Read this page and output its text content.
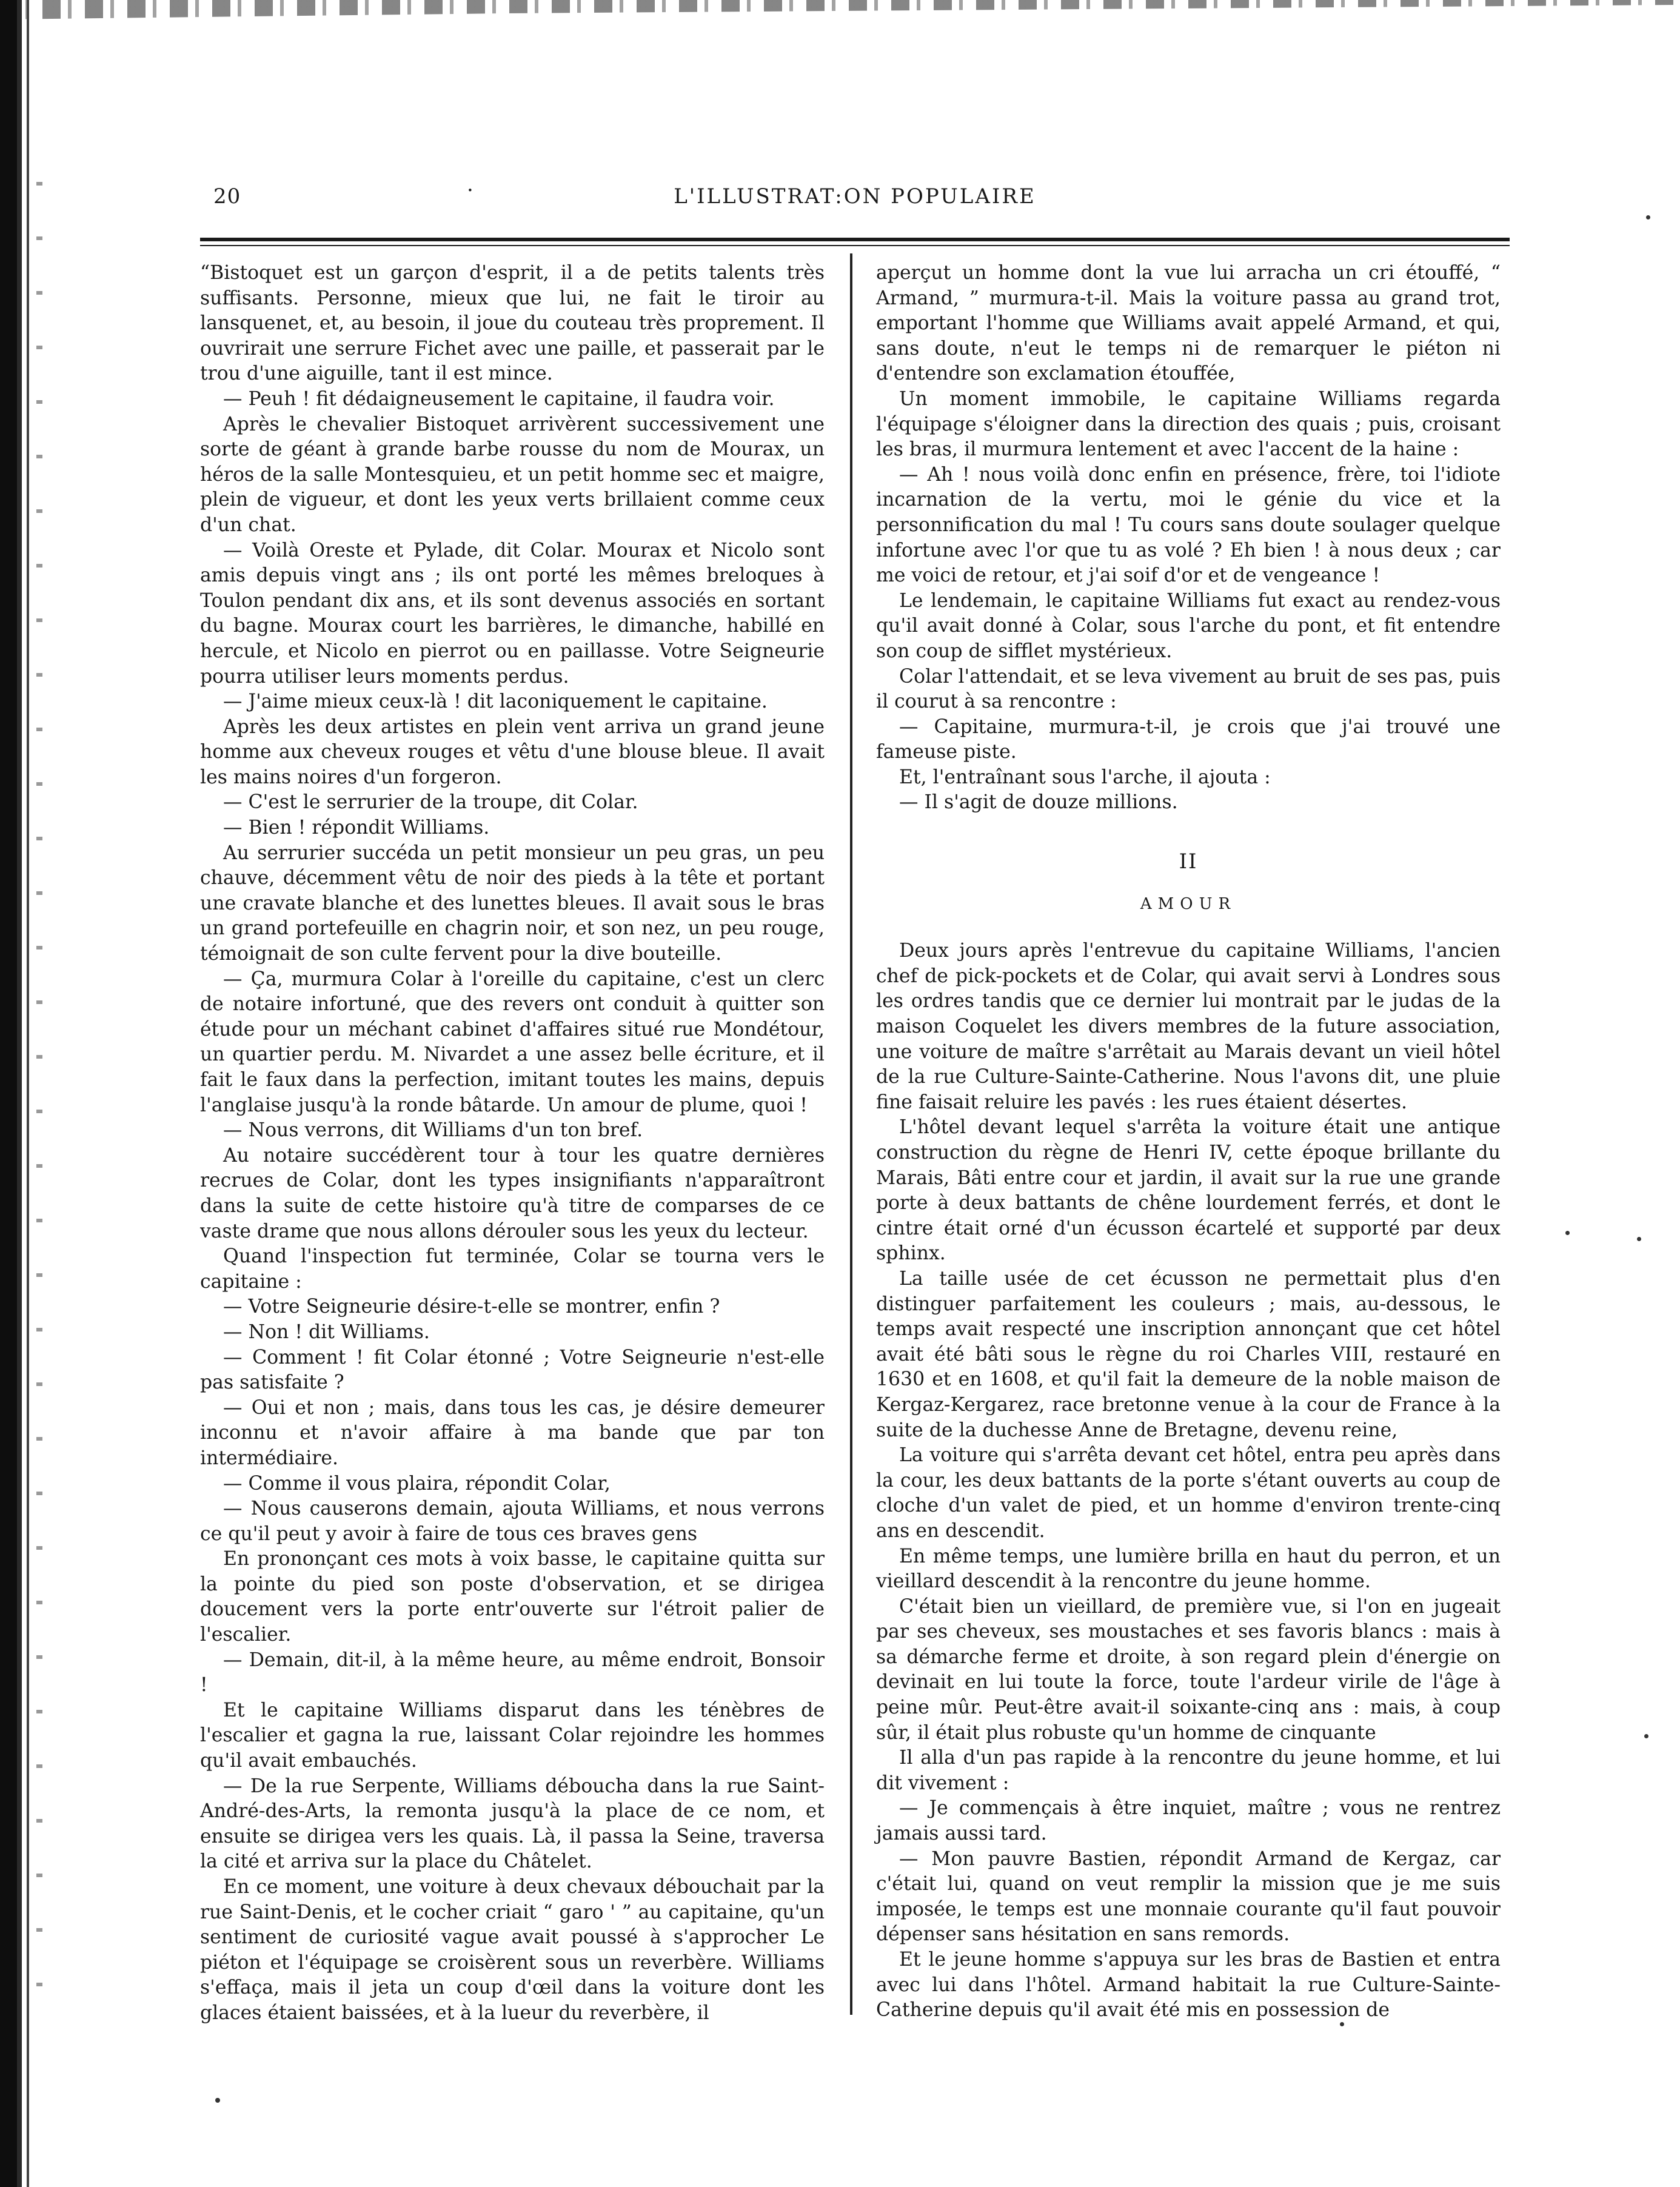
20	·	L'ILLUSTRAT:ON POPULAIRE

“Bistoquet est un garçon d'esprit, il a de petits talents très suffisants. Personne, mieux que lui, ne fait le tiroir au lansquenet, et, au besoin, il joue du couteau très proprement. Il ouvrirait une serrure Fichet avec une paille, et passerait par le trou d'une aiguille, tant il est mince.

— Peuh ! fit dédaigneusement le capitaine, il faudra voir.

Après le chevalier Bistoquet arrivèrent successivement une sorte de géant à grande barbe rousse du nom de Mourax, un héros de la salle Montesquieu, et un petit homme sec et maigre, plein de vigueur, et dont les yeux verts brillaient comme ceux d'un chat.

— Voilà Oreste et Pylade, dit Colar. Mourax et Nicolo sont amis depuis vingt ans ; ils ont porté les mêmes breloques à Toulon pendant dix ans, et ils sont devenus associés en sortant du bagne. Mourax court les barrières, le dimanche, habillé en hercule, et Nicolo en pierrot ou en paillasse. Votre Seigneurie pourra utiliser leurs moments perdus.

— J'aime mieux ceux-là ! dit laconiquement le capitaine.

Après les deux artistes en plein vent arriva un grand jeune homme aux cheveux rouges et vêtu d'une blouse bleue. Il avait les mains noires d'un forgeron.

— C'est le serrurier de la troupe, dit Colar.

— Bien ! répondit Williams.

Au serrurier succéda un petit monsieur un peu gras, un peu chauve, décemment vêtu de noir des pieds à la tête et portant une cravate blanche et des lunettes bleues. Il avait sous le bras un grand portefeuille en chagrin noir, et son nez, un peu rouge, témoignait de son culte fervent pour la dive bouteille.

— Ça, murmura Colar à l'oreille du capitaine, c'est un clerc de notaire infortuné, que des revers ont conduit à quitter son étude pour un méchant cabinet d'affaires situé rue Mondétour, un quartier perdu. M. Nivardet a une assez belle écriture, et il fait le faux dans la perfection, imitant toutes les mains, depuis l'anglaise jusqu'à la ronde bâtarde. Un amour de plume, quoi !

— Nous verrons, dit Williams d'un ton bref.

Au notaire succédèrent tour à tour les quatre dernières recrues de Colar, dont les types insignifiants n'apparaîtront dans la suite de cette histoire qu'à titre de comparses de ce vaste drame que nous allons dérouler sous les yeux du lecteur.

Quand l'inspection fut terminée, Colar se tourna vers le capitaine :

— Votre Seigneurie désire-t-elle se montrer, enfin ?

— Non ! dit Williams.

— Comment ! fit Colar étonné ; Votre Seigneurie n'est-elle pas satisfaite ?

— Oui et non ; mais, dans tous les cas, je désire demeurer inconnu et n'avoir affaire à ma bande que par ton intermédiaire.

— Comme il vous plaira, répondit Colar,

— Nous causerons demain, ajouta Williams, et nous verrons ce qu'il peut y avoir à faire de tous ces braves gens

En prononçant ces mots à voix basse, le capitaine quitta sur la pointe du pied son poste d'observation, et se dirigea doucement vers la porte entr'ouverte sur l'étroit palier de l'escalier.

— Demain, dit-il, à la même heure, au même endroit, Bonsoir !

Et le capitaine Williams disparut dans les ténèbres de l'escalier et gagna la rue, laissant Colar rejoindre les hommes qu'il avait embauchés.

— De la rue Serpente, Williams déboucha dans la rue Saint-André-des-Arts, la remonta jusqu'à la place de ce nom, et ensuite se dirigea vers les quais. Là, il passa la Seine, traversa la cité et arriva sur la place du Châtelet.

En ce moment, une voiture à deux chevaux débouchait par la rue Saint-Denis, et le cocher criait “ garo ' ” au capitaine, qu'un sentiment de curiosité vague avait poussé à s'approcher Le piéton et l'équipage se croisèrent sous un reverbère. Williams s'effaça, mais il jeta un coup d'œil dans la voiture dont les glaces étaient baissées, et à la lueur du reverbère, il

aperçut un homme dont la vue lui arracha un cri étouffé, “ Armand, ” murmura-t-il. Mais la voiture passa au grand trot, emportant l'homme que Williams avait appelé Armand, et qui, sans doute, n'eut le temps ni de remarquer le piéton ni d'entendre son exclamation étouffée,

Un moment immobile, le capitaine Williams regarda l'équipage s'éloigner dans la direction des quais ; puis, croisant les bras, il murmura lentement et avec l'accent de la haine :

— Ah ! nous voilà donc enfin en présence, frère, toi l'idiote incarnation de la vertu, moi le génie du vice et la personnification du mal ! Tu cours sans doute soulager quelque infortune avec l'or que tu as volé ? Eh bien ! à nous deux ; car me voici de retour, et j'ai soif d'or et de vengeance !

Le lendemain, le capitaine Williams fut exact au rendez-vous qu'il avait donné à Colar, sous l'arche du pont, et fit entendre son coup de sifflet mystérieux.

Colar l'attendait, et se leva vivement au bruit de ses pas, puis il courut à sa rencontre :

— Capitaine, murmura-t-il, je crois que j'ai trouvé une fameuse piste.

Et, l'entraînant sous l'arche, il ajouta :

— Il s'agit de douze millions.

II
AMOUR

Deux jours après l'entrevue du capitaine Williams, l'ancien chef de pick-pockets et de Colar, qui avait servi à Londres sous les ordres tandis que ce dernier lui montrait par le judas de la maison Coquelet les divers membres de la future association, une voiture de maître s'arrêtait au Marais devant un vieil hôtel de la rue Culture-Sainte-Catherine. Nous l'avons dit, une pluie fine faisait reluire les pavés : les rues étaient désertes.

L'hôtel devant lequel s'arrêta la voiture était une antique construction du règne de Henri IV, cette époque brillante du Marais, Bâti entre cour et jardin, il avait sur la rue une grande porte à deux battants de chêne lourdement ferrés, et dont le cintre était orné d'un écusson écartelé et supporté par deux sphinx.

La taille usée de cet écusson ne permettait plus d'en distinguer parfaitement les couleurs ; mais, au-dessous, le temps avait respecté une inscription annonçant que cet hôtel avait été bâti sous le règne du roi Charles VIII, restauré en 1630 et en 1608, et qu'il fait la demeure de la noble maison de Kergaz-Kergarez, race bretonne venue à la cour de France à la suite de la duchesse Anne de Bretagne, devenu reine,

La voiture qui s'arrêta devant cet hôtel, entra peu après dans la cour, les deux battants de la porte s'étant ouverts au coup de cloche d'un valet de pied, et un homme d'environ trente-cinq ans en descendit.

En même temps, une lumière brilla en haut du perron, et un vieillard descendit à la rencontre du jeune homme.

C'était bien un vieillard, de première vue, si l'on en jugeait par ses cheveux, ses moustaches et ses favoris blancs : mais à sa démarche ferme et droite, à son regard plein d'énergie on devinait en lui toute la force, toute l'ardeur virile de l'âge à peine mûr. Peut-être avait-il soixante-cinq ans : mais, à coup sûr, il était plus robuste qu'un homme de cinquante

Il alla d'un pas rapide à la rencontre du jeune homme, et lui dit vivement :

— Je commençais à être inquiet, maître ; vous ne rentrez jamais aussi tard.

— Mon pauvre Bastien, répondit Armand de Kergaz, car c'était lui, quand on veut remplir la mission que je me suis imposée, le temps est une monnaie courante qu'il faut pouvoir dépenser sans hésitation en sans remords.

Et le jeune homme s'appuya sur les bras de Bastien et entra avec lui dans l'hôtel. Armand habitait la rue Culture-Sainte-Catherine depuis qu'il avait été mis en possession de
